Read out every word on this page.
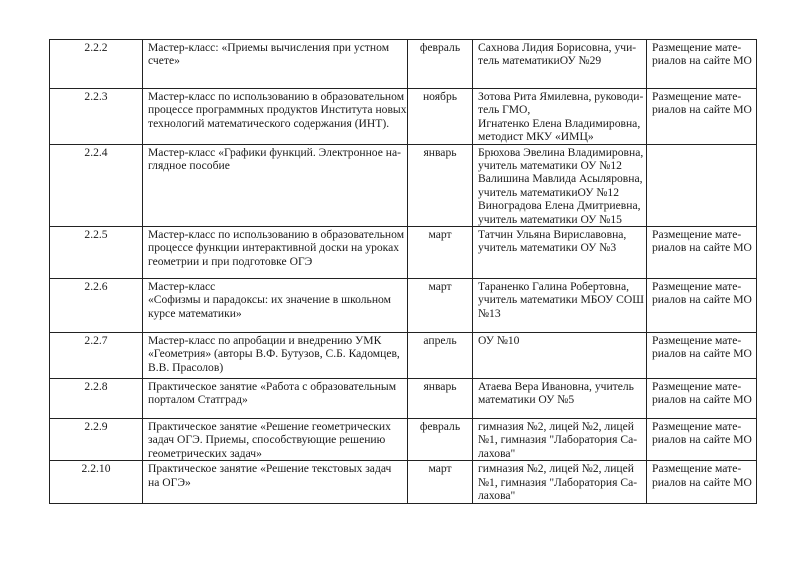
2.2.2	Мастер-класс: «Приемы вычисления при устном
счете»	февраль	Сахнова Лидия Борисовна, учи-
тель математикиОУ №29	Размещение мате-
риалов на сайте МО

2.2.3	Мастер-класс по использованию в образовательном
процессе программных продуктов Института новых
технологий математического содержания (ИНТ).	ноябрь	Зотова Рита Ямилевна, руководи-
тель ГМО,
Игнатенко Елена Владимировна,
методист МКУ «ИМЦ»	Размещение мате-
риалов на сайте МО

2.2.4	Мастер-класс «Графики функций. Электронное на-
глядное пособие
	январь	Брюхова Эвелина Владимировна,
учитель математики ОУ №12
Валишина Мавлида Асыляровна,
учитель математикиОУ №12
Виноградова Елена Дмитриевна,
учитель математики ОУ №15

2.2.5	Мастер-класс по использованию в образовательном
процессе функции интерактивной доски на уроках
геометрии и при подготовке ОГЭ	март	Татчин Ульяна Вирислaвовна,
учитель математики ОУ №3	Размещение мате-
риалов на сайте МО

2.2.6	Мастер-класс
«Софизмы и парадоксы: их значение в школьном
курсе математики»	март	Тараненко Галина Робертовна,
учитель математики МБОУ СОШ
№13	Размещение мате-
риалов на сайте МО

2.2.7	Мастер-класс по апробации и внедрению УМК
«Геометрия» (авторы В.Ф. Бутузов, С.Б. Кадомцев,
В.В. Прасолов)	апрель	ОУ №10	Размещение мате-
риалов на сайте МО

2.2.8	Практическое занятие «Работа с образовательным
порталом Статград»	январь	Атаева Вера Ивановна, учитель
математики ОУ №5	Размещение мате-
риалов на сайте МО

2.2.9	Практическое занятие «Решение геометрических
задач ОГЭ. Приемы, способствующие решению
геометрических задач»	февраль	гимназия №2, лицей №2, лицей
№1, гимназия "Лаборатория Са-
лахова"	Размещение мате-
риалов на сайте МО

2.2.10	Практическое занятие «Решение текстовых задач
на ОГЭ»	март	гимназия №2, лицей №2, лицей
№1, гимназия "Лаборатория Са-
лахова"	Размещение мате-
риалов на сайте МО
